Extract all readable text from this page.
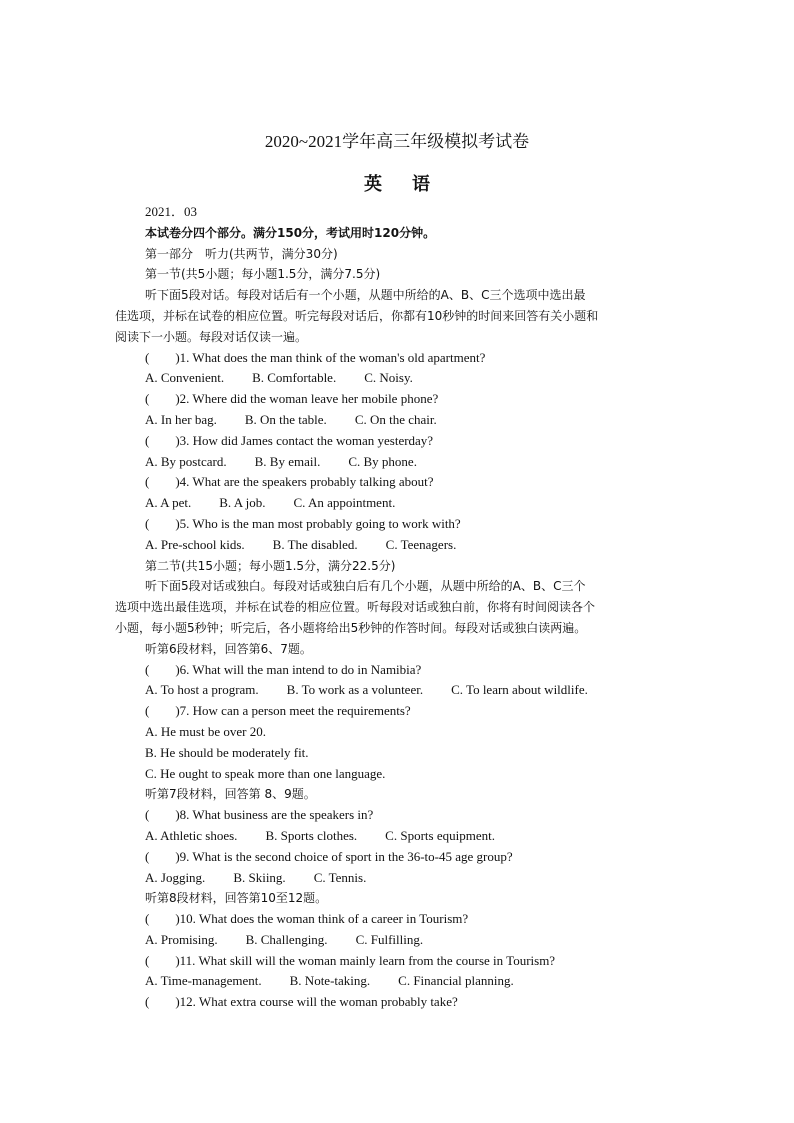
2020~2021学年高三年级模拟考试卷
英语
2021．03
本试卷分四个部分。满分150分，考试用时120分钟。
第一部分　听力(共两节，满分30分)
第一节(共5小题；每小题1.5分，满分7.5分)
听下面5段对话。每段对话后有一个小题，从题中所给的A、B、C三个选项中选出最
佳选项，并标在试卷的相应位置。听完每段对话后，你都有10秒钟的时间来回答有关小题和
阅读下一小题。每段对话仅读一遍。
(　　)1. What does the man think of the woman's old apartment?
A. Convenient. B. Comfortable. C. Noisy.
(　　)2. Where did the woman leave her mobile phone?
A. In her bag. B. On the table. C. On the chair.
(　　)3. How did James contact the woman yesterday?
A. By postcard. B. By email. C. By phone.
(　　)4. What are the speakers probably talking about?
A. A pet. B. A job. C. An appointment.
(　　)5. Who is the man most probably going to work with?
A. Pre-school kids. B. The disabled. C. Teenagers.
第二节(共15小题；每小题1.5分，满分22.5分)
听下面5段对话或独白。每段对话或独白后有几个小题，从题中所给的A、B、C三个
选项中选出最佳选项，并标在试卷的相应位置。听每段对话或独白前，你将有时间阅读各个
小题，每小题5秒钟；听完后，各小题将给出5秒钟的作答时间。每段对话或独白读两遍。
听第6段材料，回答第6、7题。
(　　)6. What will the man intend to do in Namibia?
A. To host a program. B. To work as a volunteer. C. To learn about wildlife.
(　　)7. How can a person meet the requirements?
A. He must be over 20.
B. He should be moderately fit.
C. He ought to speak more than one language.
听第7段材料，回答第 8、9题。
(　　)8. What business are the speakers in?
A. Athletic shoes. B. Sports clothes. C. Sports equipment.
(　　)9. What is the second choice of sport in the 36-to-45 age group?
A. Jogging. B. Skiing. C. Tennis.
听第8段材料，回答第10至12题。
(　　)10. What does the woman think of a career in Tourism?
A. Promising. B. Challenging. C. Fulfilling.
(　　)11. What skill will the woman mainly learn from the course in Tourism?
A. Time-management. B. Note-taking. C. Financial planning.
(　　)12. What extra course will the woman probably take?
